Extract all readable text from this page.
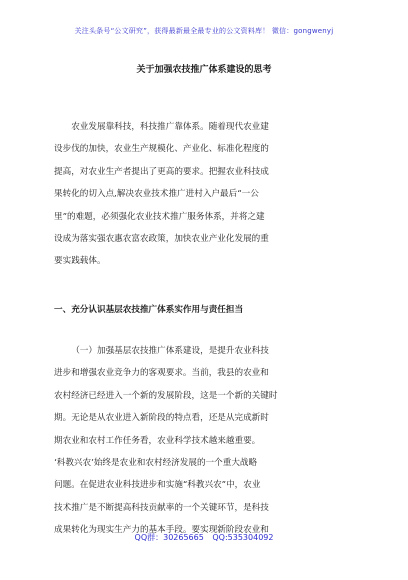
关注头条号“公文研究”，获得最新最全最专业的公文资料库！ 微信：gongwenyj
关于加强农技推广体系建设的思考
农业发展靠科技，科技推广靠体系。随着现代农业建
设步伐的加快，农业生产规模化、产业化、标准化程度的
提高，对农业生产者提出了更高的要求。把握农业科技成
果转化的切入点,解决农业技术推广进村入户最后“一公
里”的难题，必须强化农业技术推广服务体系，并将之建
设成为落实强农惠农富农政策，加快农业产业化发展的重
要实践载体。
一、充分认识基层农技推广体系实作用与责任担当
（一）加强基层农技推广体系建设，是提升农业科技
进步和增强农业竞争力的客观要求。当前，我县的农业和
农村经济已经进入一个新的发展阶段，这是一个新的关键时
期。无论是从农业进入新阶段的特点看，还是从完成新时
期农业和农村工作任务看，农业科学技术越来越重要。
‘科教兴农’始终是农业和农村经济发展的一个重大战略
问题。在促进农业科技进步和实施“科教兴农”中，农业
技术推广是不断提高科技贡献率的一个关键环节，是科技
成果转化为现实生产力的基本手段。要实现新阶段农业和
QQ群：30265665 QQ:535304092
